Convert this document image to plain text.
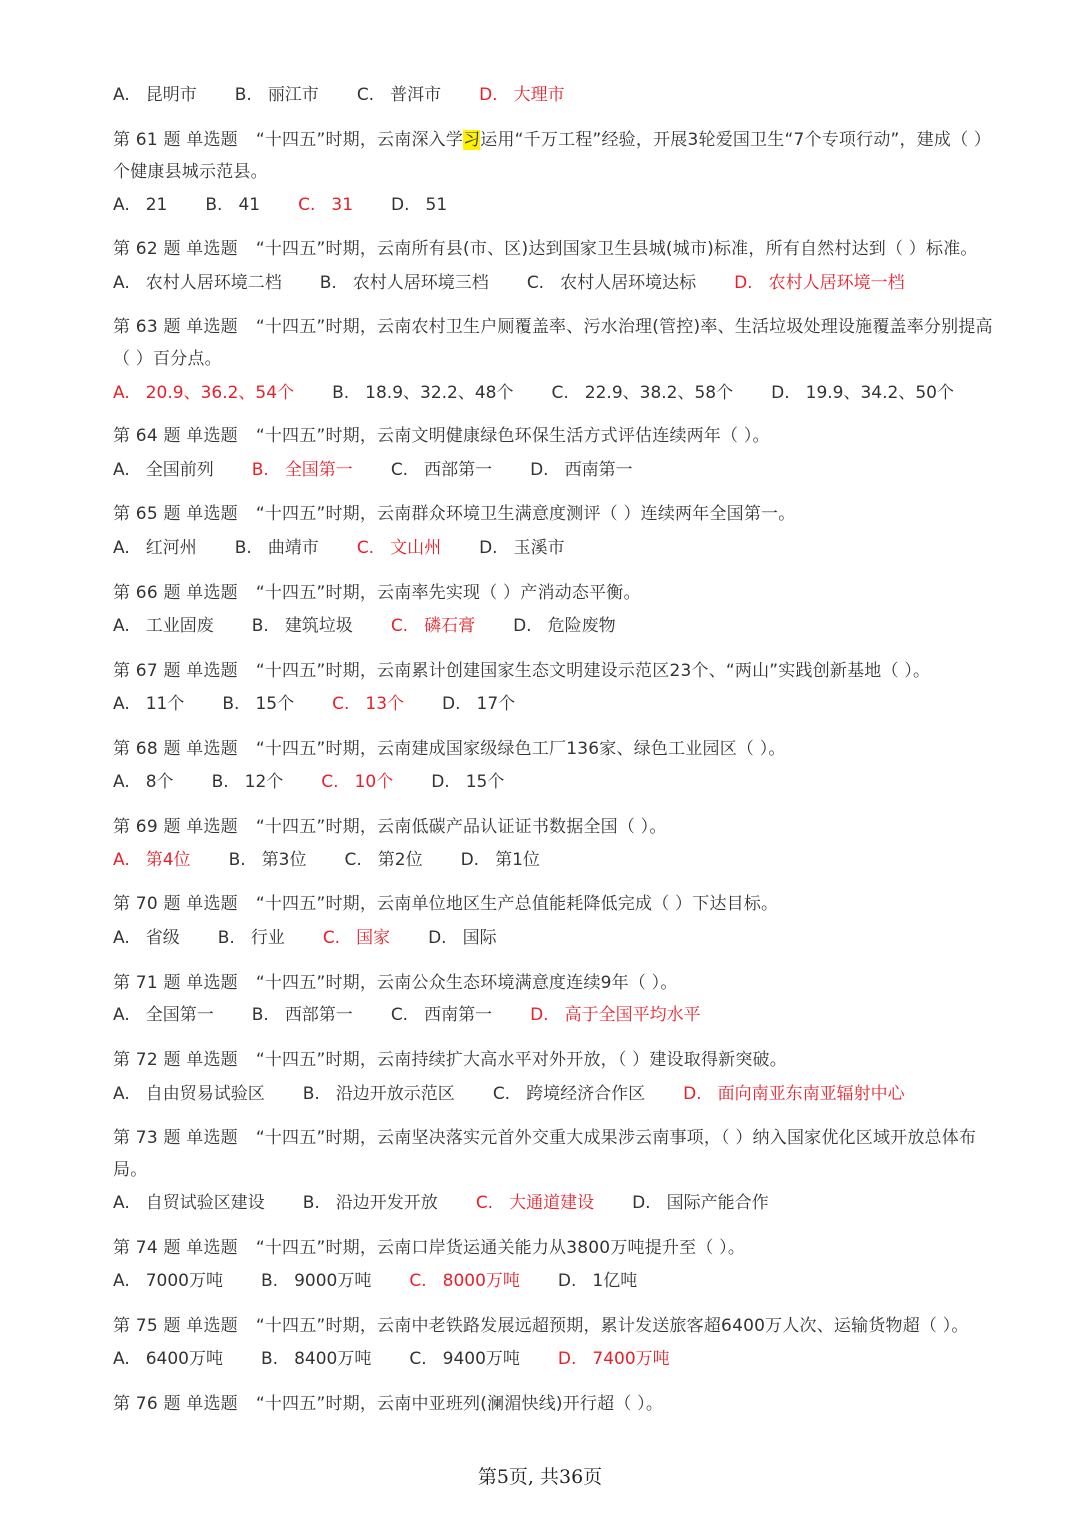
A. 昆明市 B. 丽江市 C. 普洱市 D. 大理市

第 61 题 单选题 “十四五”时期，云南深入学习运用“千万工程”经验，开展3轮爱国卫生“7个专项行动”，建成（ ）个健康县城示范县。

A. 21 B. 41 C. 31 D. 51

第 62 题 单选题 “十四五”时期，云南所有县(市、区)达到国家卫生县城(城市)标准，所有自然村达到（ ）标准。

A. 农村人居环境二档 B. 农村人居环境三档 C. 农村人居环境达标 D. 农村人居环境一档

第 63 题 单选题 “十四五”时期，云南农村卫生户厕覆盖率、污水治理(管控)率、生活垃圾处理设施覆盖率分别提高（ ）百分点。

A. 20.9、36.2、54个 B. 18.9、32.2、48个 C. 22.9、38.2、58个 D. 19.9、34.2、50个

第 64 题 单选题 “十四五”时期，云南文明健康绿色环保生活方式评估连续两年（ ）。

A. 全国前列 B. 全国第一 C. 西部第一 D. 西南第一

第 65 题 单选题 “十四五”时期，云南群众环境卫生满意度测评（ ）连续两年全国第一。

A. 红河州 B. 曲靖市 C. 文山州 D. 玉溪市

第 66 题 单选题 “十四五”时期，云南率先实现（ ）产消动态平衡。

A. 工业固废 B. 建筑垃圾 C. 磷石膏 D. 危险废物

第 67 题 单选题 “十四五”时期，云南累计创建国家生态文明建设示范区23个、“两山”实践创新基地（ ）。

A. 11个 B. 15个 C. 13个 D. 17个

第 68 题 单选题 “十四五”时期，云南建成国家级绿色工厂136家、绿色工业园区（ ）。

A. 8个 B. 12个 C. 10个 D. 15个

第 69 题 单选题 “十四五”时期，云南低碳产品认证证书数据全国（ ）。

A. 第4位 B. 第3位 C. 第2位 D. 第1位

第 70 题 单选题 “十四五”时期，云南单位地区生产总值能耗降低完成（ ）下达目标。

A. 省级 B. 行业 C. 国家 D. 国际

第 71 题 单选题 “十四五”时期，云南公众生态环境满意度连续9年（ ）。

A. 全国第一 B. 西部第一 C. 西南第一 D. 高于全国平均水平

第 72 题 单选题 “十四五”时期，云南持续扩大高水平对外开放，（ ）建设取得新突破。

A. 自由贸易试验区 B. 沿边开放示范区 C. 跨境经济合作区 D. 面向南亚东南亚辐射中心

第 73 题 单选题 “十四五”时期，云南坚决落实元首外交重大成果涉云南事项，（ ）纳入国家优化区域开放总体布局。

A. 自贸试验区建设 B. 沿边开发开放 C. 大通道建设 D. 国际产能合作

第 74 题 单选题 “十四五”时期，云南口岸货运通关能力从3800万吨提升至（ ）。

A. 7000万吨 B. 9000万吨 C. 8000万吨 D. 1亿吨

第 75 题 单选题 “十四五”时期，云南中老铁路发展远超预期，累计发送旅客超6400万人次、运输货物超（ ）。

A. 6400万吨 B. 8400万吨 C. 9400万吨 D. 7400万吨

第 76 题 单选题 “十四五”时期，云南中亚班列(澜湄快线)开行超（ ）。

第5页, 共36页
